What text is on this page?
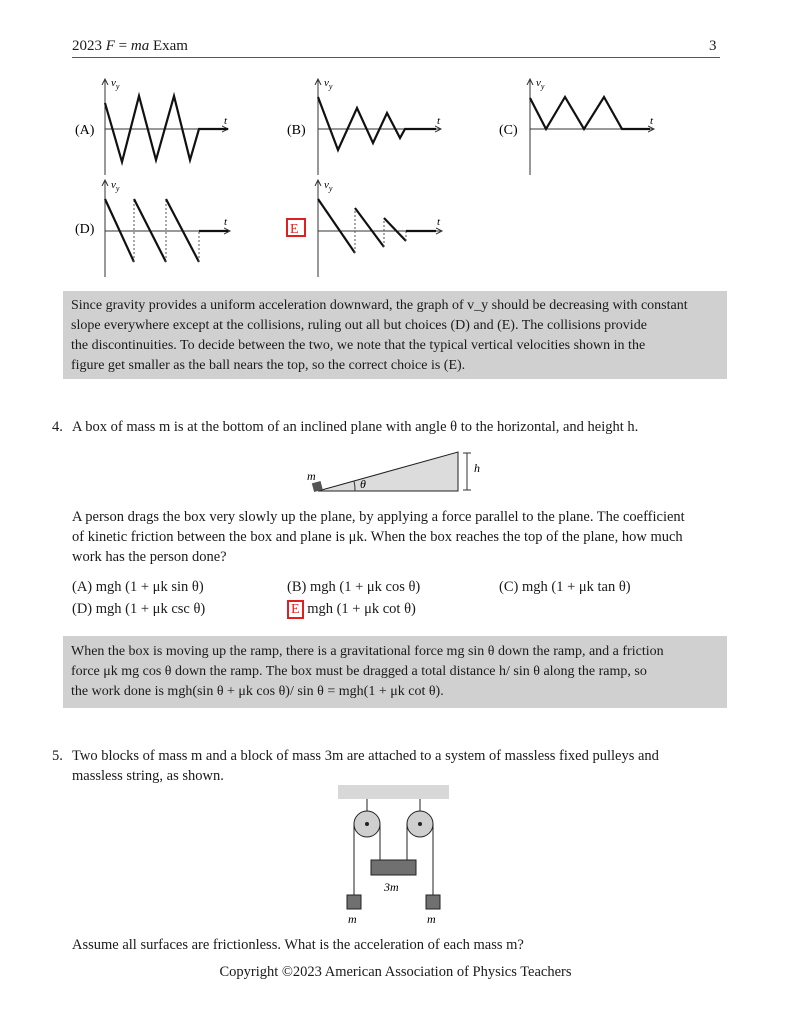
2023 F = ma Exam	3
$v_y$
t
(A)
$v_y$
t
(B)
$v_y$
t
(C)
$v_y$
t
(D)
$v_y$
t
E
Since gravity provides a uniform acceleration downward, the graph of v_y should be decreasing with constant
slope everywhere except at the collisions, ruling out all but choices (D) and (E). The collisions provide
the discontinuities. To decide between the two, we note that the typical vertical velocities shown in the
figure get smaller as the ball nears the top, so the correct choice is (E).
4. A box of mass m is at the bottom of an inclined plane with angle θ to the horizontal, and height h.
m
θ
h
A person drags the box very slowly up the plane, by applying a force parallel to the plane. The coefficient
of kinetic friction between the box and plane is μk. When the box reaches the top of the plane, how much
work has the person done?
(A) mgh (1 + μk sin θ)	(B) mgh (1 + μk cos θ)	(C) mgh (1 + μk tan θ)
(D) mgh (1 + μk csc θ)	E mgh (1 + μk cot θ)
When the box is moving up the ramp, there is a gravitational force mg sin θ down the ramp, and a friction
force μk mg cos θ down the ramp. The box must be dragged a total distance h/ sin θ along the ramp, so
the work done is mgh(sin θ + μk cos θ)/ sin θ = mgh(1 + μk cot θ).
5. Two blocks of mass m and a block of mass 3m are attached to a system of massless fixed pulleys and
massless string, as shown.
3m
m	m
Assume all surfaces are frictionless. What is the acceleration of each mass m?
Copyright ©2023 American Association of Physics Teachers
